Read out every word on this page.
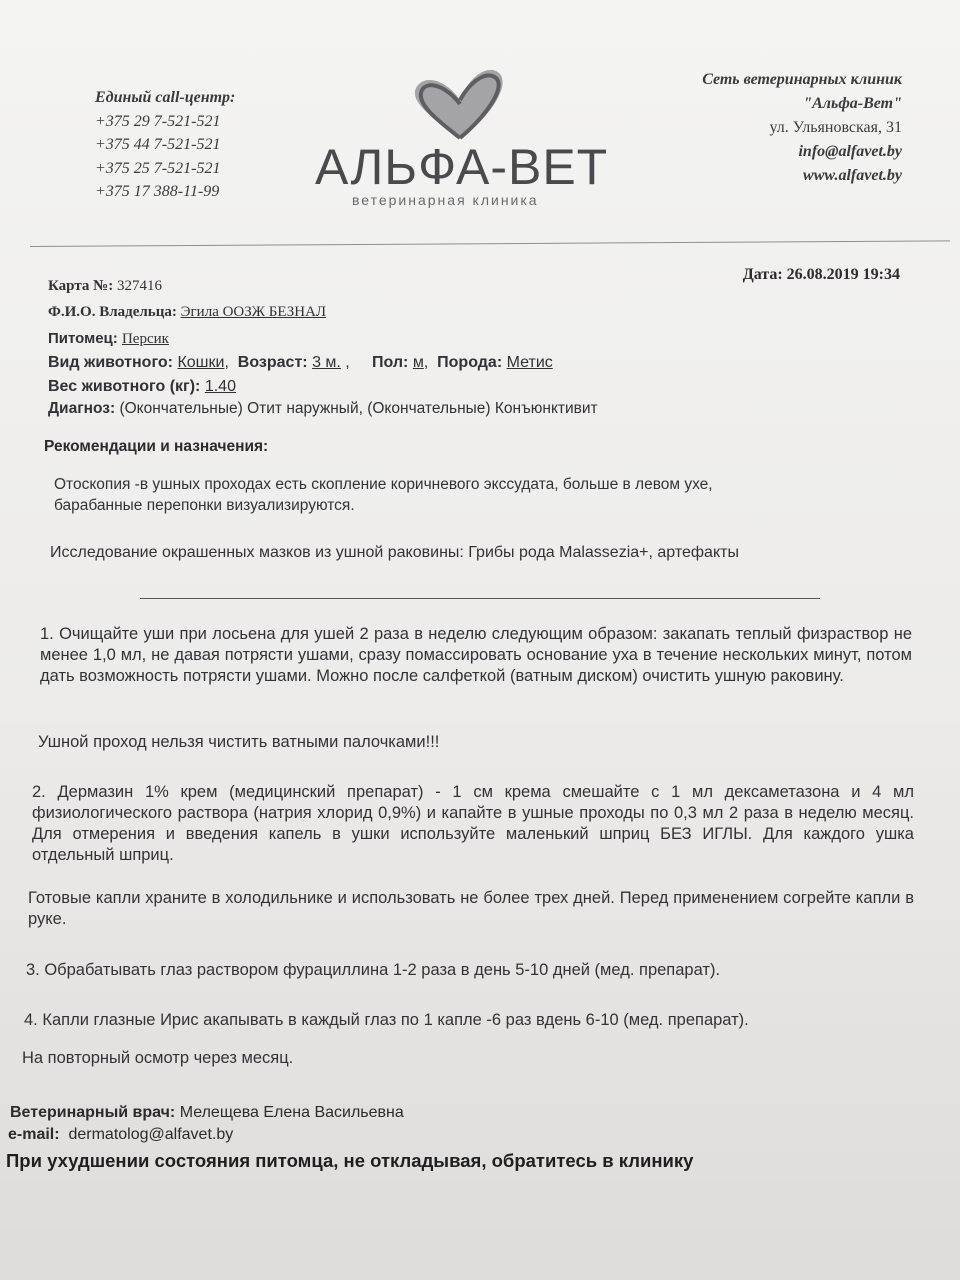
Единый call-центр:
+375 29 7-521-521
+375 44 7-521-521
+375 25 7-521-521
+375 17 388-11-99	АЛЬФА-ВЕТ
ветеринарная клиника
Сеть ветеринарных клиник
"Альфа-Вет"
ул. Ульяновская, 31
info@alfavet.by
www.alfavet.by
Дата: 26.08.2019 19:34
Карта №: 327416
Ф.И.О. Владельца: Эгила ООЗЖ БЕЗНАЛ
Питомец: Персик
Вид животного: Кошки,  Возраст: 3 м. ,     Пол: м,  Порода: Метис
Вес животного (кг): 1.40
Диагноз: (Окончательные) Отит наружный, (Окончательные) Конъюнктивит
Рекомендации и назначения:
Отоскопия -в ушных проходах есть скопление коричневого экссудата, больше в левом ухе,
барабанные перепонки визуализируются.
Исследование окрашенных мазков из ушной раковины: Грибы рода Malassezia+, артефакты
1. Очищайте уши при лосьена для ушей 2 раза в неделю следующим образом: закапать теплый физраствор не менее 1,0 мл, не давая потрясти ушами, сразу помассировать основание уха в течение нескольких минут, потом дать возможность потрясти ушами. Можно после салфеткой (ватным диском) очистить ушную раковину.
Ушной проход нельзя чистить ватными палочками!!!
2. Дермазин 1% крем (медицинский препарат) - 1 см крема смешайте с 1 мл дексаметазона и 4 мл физиологического раствора (натрия хлорид 0,9%) и капайте в ушные проходы по 0,3 мл 2 раза в неделю месяц. Для отмерения и введения капель в ушки используйте маленький шприц БЕЗ ИГЛЫ. Для каждого ушка отдельный шприц.
Готовые капли храните в холодильнике и использовать не более трех дней. Перед применением согрейте капли в руке.
3. Обрабатывать глаз раствором фурациллина 1-2 раза в день 5-10 дней (мед. препарат).
4. Капли глазные Ирис акапывать в каждый глаз по 1 капле -6 раз вдень 6-10 (мед. препарат).
На повторный осмотр через месяц.
Ветеринарный врач: Мелещева Елена Васильевна
e-mail: dermatolog@alfavet.by
При ухудшении состояния питомца, не откладывая, обратитесь в клинику
